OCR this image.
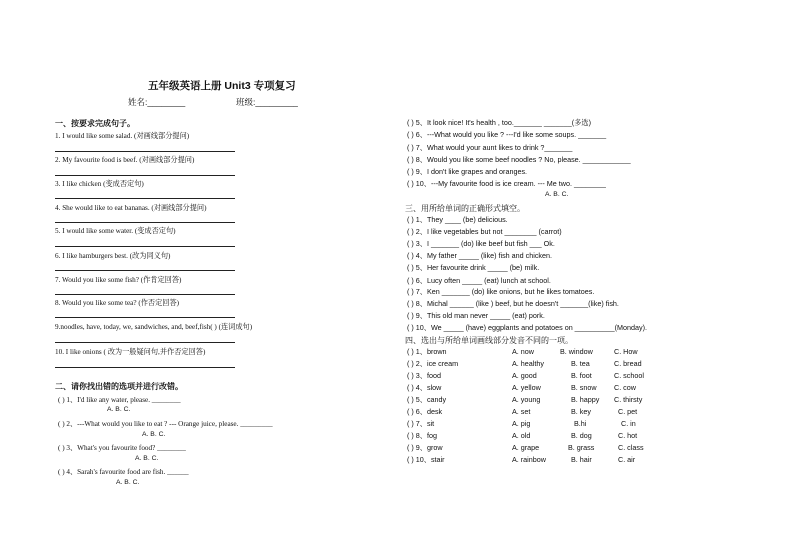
五年级英语上册 Unit3 专项复习
姓名:________	班级:_________
一、按要求完成句子。
1. I would like some salad. (对画线部分提问)
2. My favourite food is beef. (对画线部分提问)
3. I like chicken (变成否定句)
4. She would like to eat bananas. (对画线部分提问)
5. I would like some water. (变成否定句)
6. I like hamburgers best. (改为同义句)
7. Would you like some fish? (作肯定回答)
8. Would you like some tea? (作否定回答)
9.noodles, have, today, we, sandwiches, and, beef,fish( ) (连词成句)
10. I like onions ( 改为一般疑问句,并作否定回答)
二、请你找出错的选项并进行改错。
( ) 1、I'd like any water, please. ________
A. B. C.
( ) 2、---What would you like to eat ? --- Orange juice, please. _________
A. B. C.
( ) 3、What's you favourite food? ________
A. B. C.
( ) 4、Sarah's favourite food are fish. ______
A. B. C.
( ) 5、It look nice! It's health , too._______ _______(多选)
( ) 6、---What would you like ? ---I'd like some soups. _______
( ) 7、What would your aunt likes to drink ?_______
( ) 8、Would you like some beef noodles ? No, please. ____________
( ) 9、I don't like grapes and oranges.
( ) 10、---My favourite food is ice cream. --- Me two. ________
A. B. C.
三、用所给单词的正确形式填空。
( ) 1、They ____ (be) delicious.
( ) 2、I like vegetables but not ________ (carrot)
( ) 3、I _______ (do) like beef but fish ___ Ok.
( ) 4、My father _____ (like) fish and chicken.
( ) 5、Her favourite drink _____ (be) milk.
( ) 6、Lucy often _____ (eat) lunch at school.
( ) 7、Ken _______ (do) like onions, but he likes tomatoes.
( ) 8、Michal ______ (like ) beef, but he doesn't _______(like) fish.
( ) 9、This old man never _____ (eat) pork.
( ) 10、We _____ (have) eggplants and potatoes on __________(Monday).
四、选出与所给单词画线部分发音不同的一项。
( ) 1、brown	A. now	B. window	C. How
( ) 2、ice cream	A. healthy	B. tea	C. bread
( ) 3、food	A. good	B. foot	C. school
( ) 4、slow	A. yellow	B. snow C. cow
( ) 5、candy	A. young	B. happy C. thirsty
( ) 6、desk	A. set	B. key	C. pet
( ) 7、sit	A. pig	B.hi	C. in
( ) 8、fog	A. old	B. dog	C. hot
( ) 9、grow	A. grape	B. grass	C. class
( ) 10、stair	A. rainbow	B. hair	C. air
